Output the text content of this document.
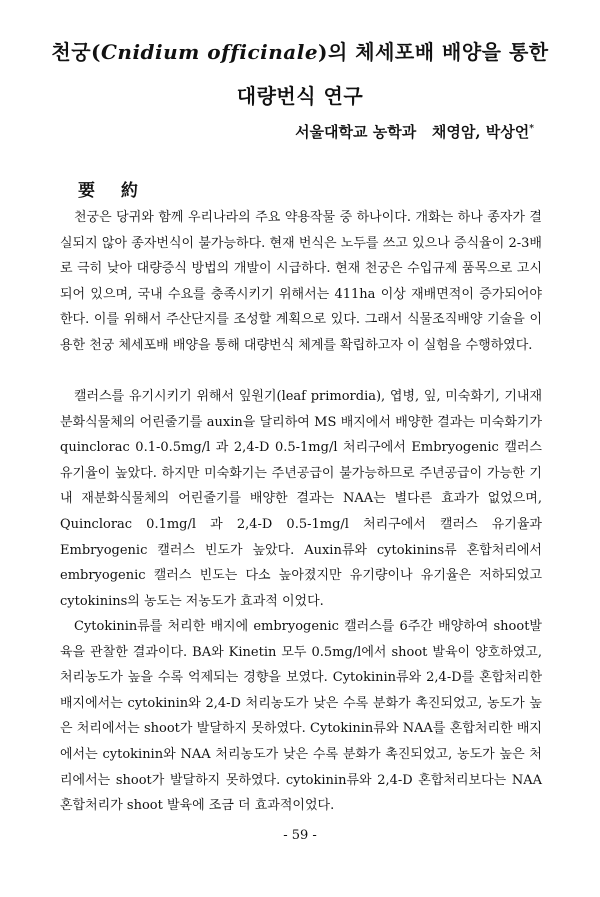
천궁(Cnidium officinale)의 체세포배 배양을 통한
대량번식 연구
서울대학교 농학과 채영암, 박상언*
要 約

천궁은 당귀와 함께 우리나라의 주요 약용작물 중 하나이다. 개화는 하나 종자가 결실되지 않아 종자번식이 불가능하다. 현재 번식은 노두를 쓰고 있으나 증식율이 2-3배로 극히 낮아 대량증식 방법의 개발이 시급하다. 현재 천궁은 수입규제 품목으로 고시되어 있으며, 국내 수요를 충족시키기 위해서는 411ha 이상 재배면적이 증가되어야 한다. 이를 위해서 주산단지를 조성할 계획으로 있다. 그래서 식물조직배양 기술을 이용한 천궁 체세포배 배양을 통해 대량번식 체계를 확립하고자 이 실험을 수행하였다.

캘러스를 유기시키기 위해서 잎원기(leaf primordia), 엽병, 잎, 미숙화기, 기내재분화식물체의 어린줄기를 auxin을 달리하여 MS 배지에서 배양한 결과는 미숙화기가 quinclorac 0.1-0.5mg/l 과 2,4-D 0.5-1mg/l 처리구에서 Embryogenic 캘러스 유기율이 높았다. 하지만 미숙화기는 주년공급이 불가능하므로 주년공급이 가능한 기내 재분화식물체의 어린줄기를 배양한 결과는 NAA는 별다른 효과가 없었으며, Quinclorac 0.1mg/l 과 2,4-D 0.5-1mg/l 처리구에서 캘러스 유기율과 Embryogenic 캘러스 빈도가 높았다. Auxin류와 cytokinins류 혼합처리에서 embryogenic 캘러스 빈도는 다소 높아졌지만 유기량이나 유기율은 저하되었고 cytokinins의 농도는 저농도가 효과적 이었다.

Cytokinin류를 처리한 배지에 embryogenic 캘러스를 6주간 배양하여 shoot발육을 관찰한 결과이다. BA와 Kinetin 모두 0.5mg/l에서 shoot 발육이 양호하였고, 처리농도가 높을 수록 억제되는 경향을 보였다. Cytokinin류와 2,4-D를 혼합처리한 배지에서는 cytokinin와 2,4-D 처리농도가 낮은 수록 분화가 촉진되었고, 농도가 높은 처리에서는 shoot가 발달하지 못하였다. Cytokinin류와 NAA를 혼합처리한 배지에서는 cytokinin와 NAA 처리농도가 낮은 수록 분화가 촉진되었고, 농도가 높은 처리에서는 shoot가 발달하지 못하였다. cytokinin류와 2,4-D 혼합처리보다는 NAA혼합처리가 shoot 발육에 조금 더 효과적이었다.

- 59 -
